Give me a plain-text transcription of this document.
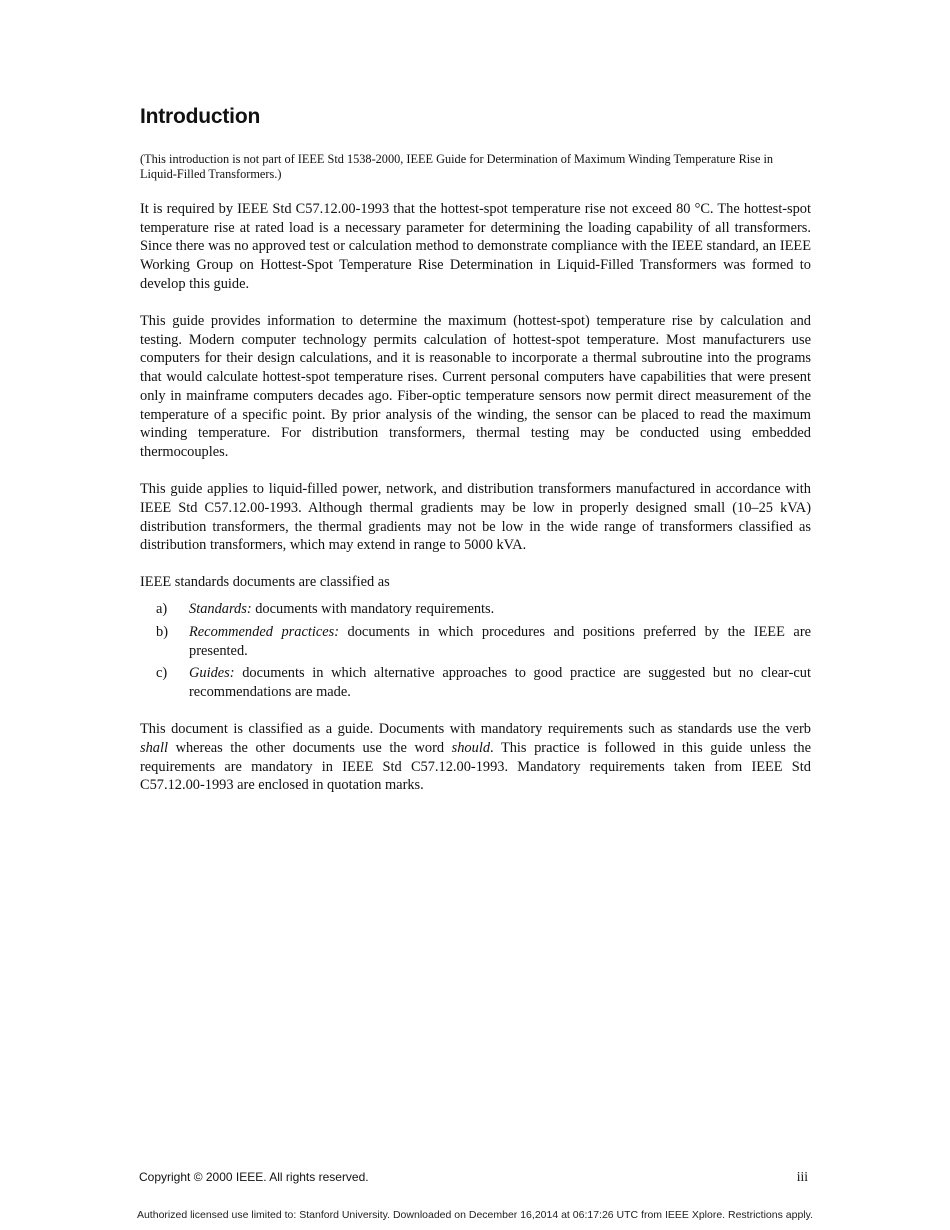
Introduction

(This introduction is not part of IEEE Std 1538-2000, IEEE Guide for Determination of Maximum Winding Temperature Rise in Liquid-Filled Transformers.)

It is required by IEEE Std C57.12.00-1993 that the hottest-spot temperature rise not exceed 80 °C. The hottest-spot temperature rise at rated load is a necessary parameter for determining the loading capability of all transformers. Since there was no approved test or calculation method to demonstrate compliance with the IEEE standard, an IEEE Working Group on Hottest-Spot Temperature Rise Determination in Liquid-Filled Transformers was formed to develop this guide.

This guide provides information to determine the maximum (hottest-spot) temperature rise by calculation and testing. Modern computer technology permits calculation of hottest-spot temperature. Most manufacturers use computers for their design calculations, and it is reasonable to incorporate a thermal subroutine into the programs that would calculate hottest-spot temperature rises. Current personal computers have capabilities that were present only in mainframe computers decades ago. Fiber-optic temperature sensors now permit direct measurement of the temperature of a specific point. By prior analysis of the winding, the sensor can be placed to read the maximum winding temperature. For distribution transformers, thermal testing may be conducted using embedded thermocouples.

This guide applies to liquid-filled power, network, and distribution transformers manufactured in accordance with IEEE Std C57.12.00-1993. Although thermal gradients may be low in properly designed small (10–25 kVA) distribution transformers, the thermal gradients may not be low in the wide range of transformers classified as distribution transformers, which may extend in range to 5000 kVA.

IEEE standards documents are classified as

a) Standards: documents with mandatory requirements.
b) Recommended practices: documents in which procedures and positions preferred by the IEEE are presented.
c) Guides: documents in which alternative approaches to good practice are suggested but no clear-cut recommendations are made.

This document is classified as a guide. Documents with mandatory requirements such as standards use the verb shall whereas the other documents use the word should. This practice is followed in this guide unless the requirements are mandatory in IEEE Std C57.12.00-1993. Mandatory requirements taken from IEEE Std C57.12.00-1993 are enclosed in quotation marks.

Copyright © 2000 IEEE. All rights reserved.	iii
Authorized licensed use limited to: Stanford University. Downloaded on December 16,2014 at 06:17:26 UTC from IEEE Xplore. Restrictions apply.
